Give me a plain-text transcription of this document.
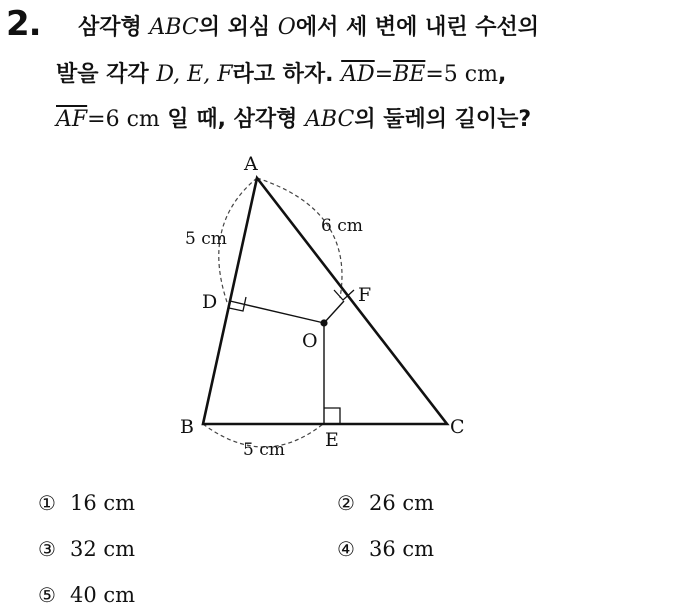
2. 삼각형 ABC의 외심 O에서 세 변에 내린 수선의
발을 각각 D, E, F라고 하자. $\overline{AD}=\overline{BE}=5$ cm,
$\overline{AF}=6$ cm 일 때, 삼각형 ABC의 둘레의 길이는?
A
B	C
D
E
F
O
5 cm
6 cm
5 cm
① 16 cm	② 26 cm
③ 32 cm	④ 36 cm
⑤ 40 cm
